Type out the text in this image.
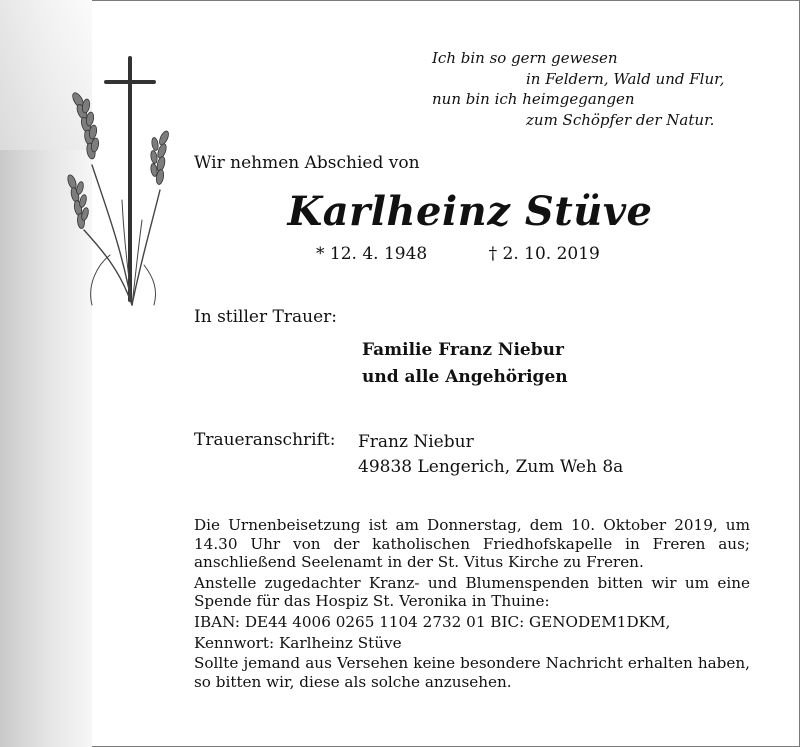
Ich bin so gern gewesen
in Feldern, Wald und Flur,
nun bin ich heimgegangen
zum Schöpfer der Natur.
Wir nehmen Abschied von
Karlheinz Stüve
* 12. 4. 1948	† 2. 10. 2019
In stiller Trauer:
Familie Franz Niebur
und alle Angehörigen
Traueranschrift: Franz Niebur
49838 Lengerich, Zum Weh 8a

Die Urnenbeisetzung ist am Donnerstag, dem 10. Oktober 2019, um 14.30 Uhr von der katholischen Friedhofskapelle in Freren aus; anschließend Seelenamt in der St. Vitus Kirche zu Freren.

Anstelle zugedachter Kranz- und Blumenspenden bitten wir um eine Spende für das Hospiz St. Veronika in Thuine:

IBAN: DE44 4006 0265 1104 2732 01 BIC: GENODEM1DKM,

Kennwort: Karlheinz Stüve

Sollte jemand aus Versehen keine besondere Nachricht erhalten haben, so bitten wir, diese als solche anzusehen.
